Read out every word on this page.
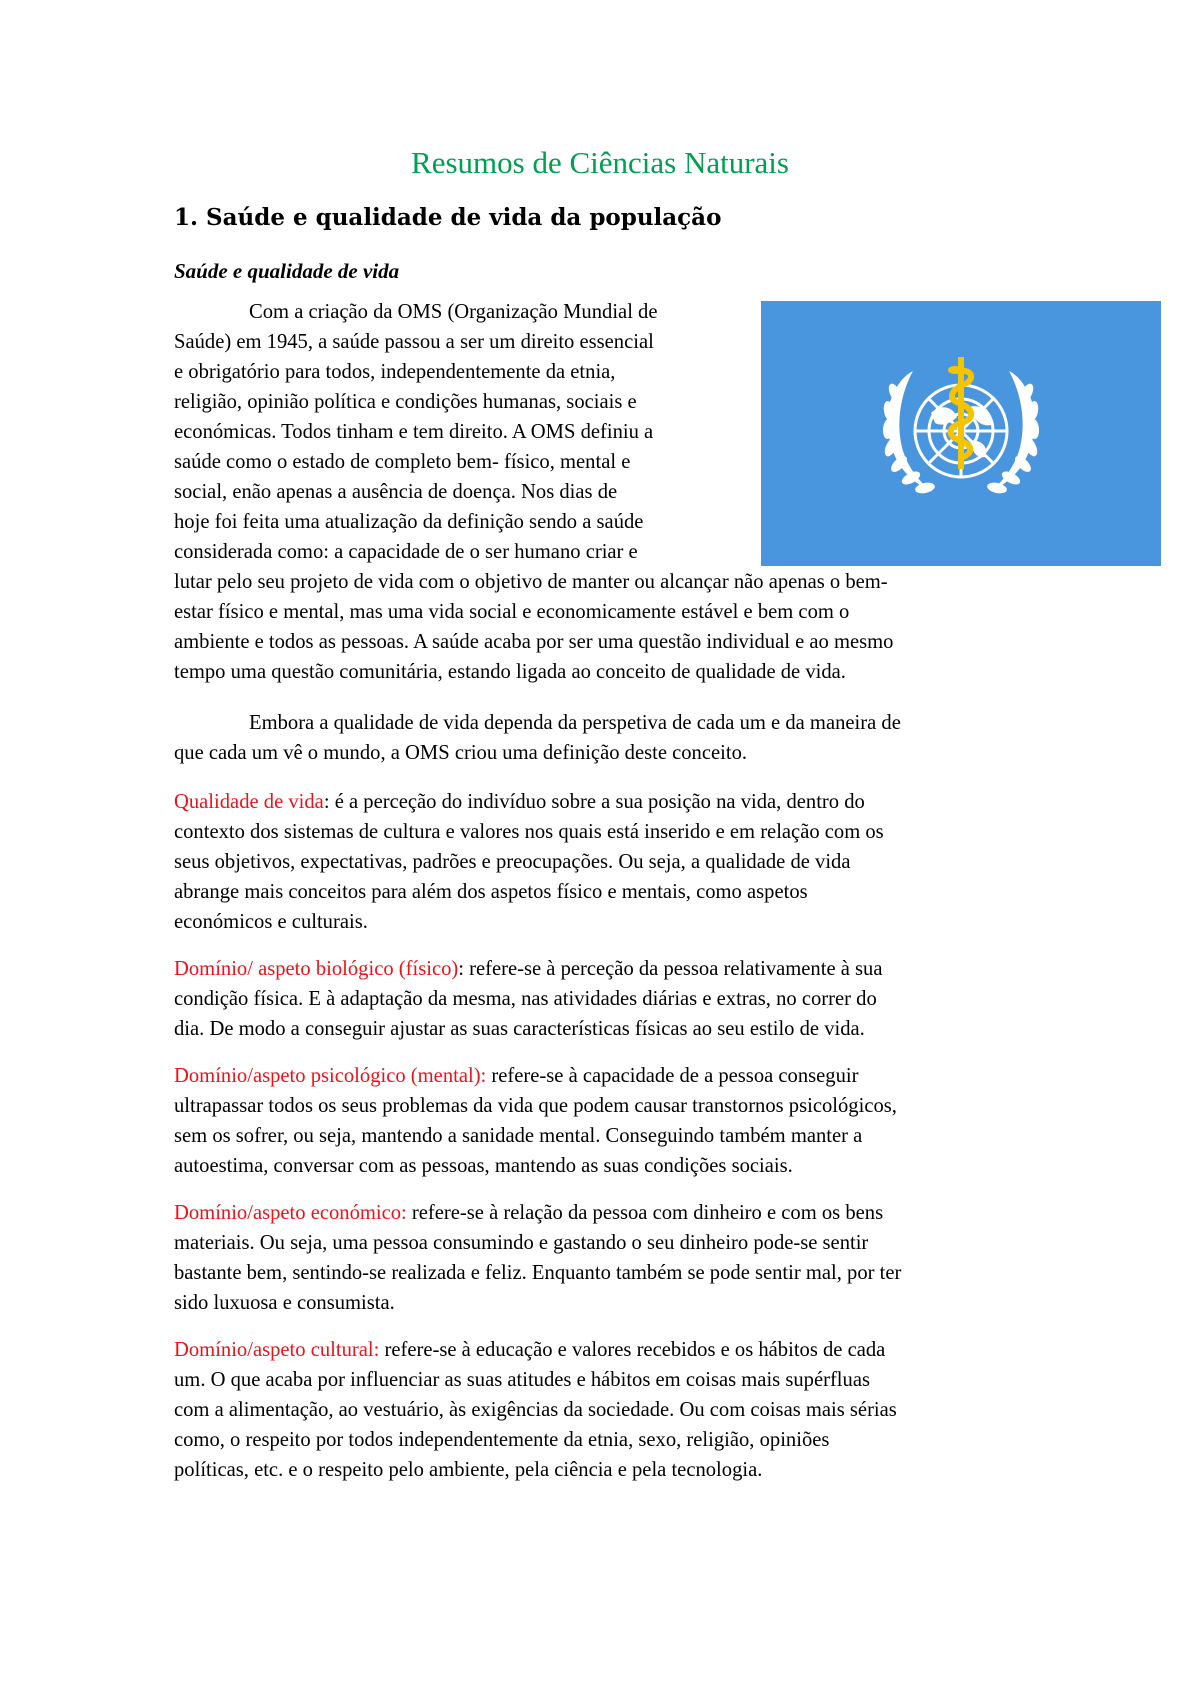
Resumos de Ciências Naturais
1. Saúde e qualidade de vida da população
Saúde e qualidade de vida
Com a criação da OMS (Organização Mundial de
Saúde) em 1945, a saúde passou a ser um direito essencial
e obrigatório para todos, independentemente da etnia,
religião, opinião política e condições humanas, sociais e
económicas. Todos tinham e tem direito. A OMS definiu a
saúde como o estado de completo bem- físico, mental e
social, enão apenas a ausência de doença. Nos dias de
hoje foi feita uma atualização da definição sendo a saúde
considerada como: a capacidade de o ser humano criar e
lutar pelo seu projeto de vida com o objetivo de manter ou alcançar não apenas o bem-
estar físico e mental, mas uma vida social e economicamente estável e bem com o
ambiente e todos as pessoas. A saúde acaba por ser uma questão individual e ao mesmo
tempo uma questão comunitária, estando ligada ao conceito de qualidade de vida.
Embora a qualidade de vida dependa da perspetiva de cada um e da maneira de
que cada um vê o mundo, a OMS criou uma definição deste conceito.
Qualidade de vida: é a perceção do indivíduo sobre a sua posição na vida, dentro do
contexto dos sistemas de cultura e valores nos quais está inserido e em relação com os
seus objetivos, expectativas, padrões e preocupações. Ou seja, a qualidade de vida
abrange mais conceitos para além dos aspetos físico e mentais, como aspetos
económicos e culturais.
Domínio/ aspeto biológico (físico): refere-se à perceção da pessoa relativamente à sua
condição física. E à adaptação da mesma, nas atividades diárias e extras, no correr do
dia. De modo a conseguir ajustar as suas características físicas ao seu estilo de vida.
Domínio/aspeto psicológico (mental): refere-se à capacidade de a pessoa conseguir
ultrapassar todos os seus problemas da vida que podem causar transtornos psicológicos,
sem os sofrer, ou seja, mantendo a sanidade mental. Conseguindo também manter a
autoestima, conversar com as pessoas, mantendo as suas condições sociais.
Domínio/aspeto económico: refere-se à relação da pessoa com dinheiro e com os bens
materiais. Ou seja, uma pessoa consumindo e gastando o seu dinheiro pode-se sentir
bastante bem, sentindo-se realizada e feliz. Enquanto também se pode sentir mal, por ter
sido luxuosa e consumista.
Domínio/aspeto cultural: refere-se à educação e valores recebidos e os hábitos de cada
um. O que acaba por influenciar as suas atitudes e hábitos em coisas mais supérfluas
com a alimentação, ao vestuário, às exigências da sociedade. Ou com coisas mais sérias
como, o respeito por todos independentemente da etnia, sexo, religião, opiniões
políticas, etc. e o respeito pelo ambiente, pela ciência e pela tecnologia.
